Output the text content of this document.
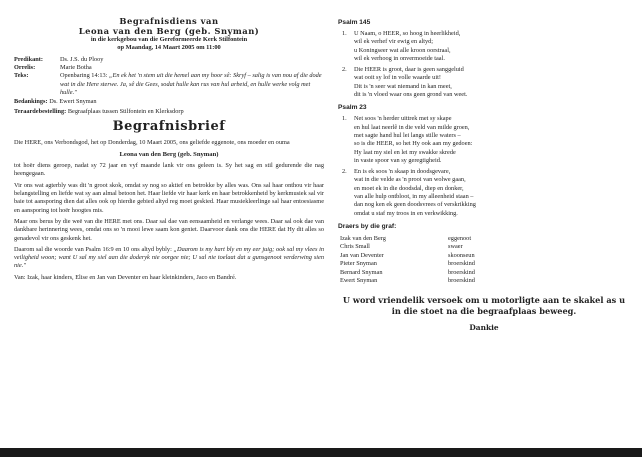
Begrafnisdiens van
Leona van den Berg (geb. Snyman)
in die kerkgebou van die Gereformeerde Kerk Stilfontein
op Maandag, 14 Maart 2005 om 11:00
Predikant:	Ds. J.S. du Plooy
Orrelis:	Marie Botha
Teks:	Openbaring 14:13: „En ek het 'n stem uit die hemel aan my hoor sê: Skryf – salig is van nou af die dode wat in die Here sterwe. Ja, sê die Gees, sodat hulle kan rus van hul arbeid, en hulle werke volg met hulle."
Bedankings: Ds. Ewert Snyman
Teraardebestelling: Begraafplaas tussen Stilfontein en Klerksdorp
Begrafnisbrief

Die HERE, ons Verbondsgod, het op Donderdag, 10 Maart 2005, ons geliefde eggenote, ons moeder en ouma

Leona van den Berg (geb. Snyman)

tot hoër diens geroep, nadat sy 72 jaar en vyf maande lank vir ons geleen is. Sy het sag en stil gedurende die nag heengegaan.

Vir ons wat agterbly was dit 'n groot skok, omdat sy nog so aktief en betrokke by alles was. Ons sal haar onthou vir haar belangstelling en liefde wat sy aan almal betoon het. Haar liefde vir haar kerk en haar betrokkenheid by kerkmusiek sal vir baie tot aansporing dien dat alles ook op hierdie gebied altyd reg moet geskied. Haar musiekleerlinge sal haar entoesiasme en aansporing tot hoër hoogtes mis.

Maar ons berus by die weë van die HERE met ons. Daar sal dae van eensaamheid en verlange wees. Daar sal ook dae van dankbare herinnering wees, omdat ons so 'n mooi lewe saam kon geniet. Daarvoor dank ons die HERE dat Hy dit alles so genadevol vir ons geskenk het.

Daarom sal die woorde van Psalm 16:9 en 10 ons altyd bybly: „Daarom is my hart bly en my eer juig; ook sal my vlees in veiligheid woon; want U sal my siel aan die doderyk nie oorgee nie; U sal nie toelaat dat u gunsgenoot verderwing sien nie."

Van: Izak, haar kinders, Elise en Jan van Deventer en haar kleinkinders, Jaco en Bandré.

Psalm 145
1.	U Naam, o HEER, so hoog in heerlikheid,
wil ek verhef vir ewig en altyd;
u Koningseer wat alle kroon oorstraal,
wil ek verhoog in onvermoeide taal.
2.	Die HEER is groot, daar is geen sanggeluid
wat ooit sy lof in volle waarde uit!
Dit is 'n seer wat niemand in kan meet,
dit is 'n vloed waar ons geen grond van weet.
Psalm 23
1.	Net soos 'n herder uittrek met sy skape
en hul laat neerlê in die veld van milde groen,
met sagte hand hul lei langs stille waters –
so is die HEER, so het Hy ook aan my gedoen:
Hy laat my siel en lei my swakke skrede
in vaste spoor van sy geregtigheid.
2.	En is ek soos 'n skaap in doodsgevare,
wat in die velde as 'n prooi van wolwe gaan,
en moet ek in die doodsdal, diep en donker,
van alle hulp ontbloot, in my alleenheid staan –
dan nog ken ek geen doodsvrees of verskrikking
omdat u staf my troos in en verkwikking.
Draers by die graf:
Izak van den Berg	eggenoot
Chris Small	swaer
Jan van Deventer	skoonseun
Pieter Snyman	broerskind
Bernard Snyman	broerskind
Ewert Snyman	broerskind
U word vriendelik versoek om u motorligte aan te skakel as u in die stoet na die begraafplaas beweeg.
Dankie
